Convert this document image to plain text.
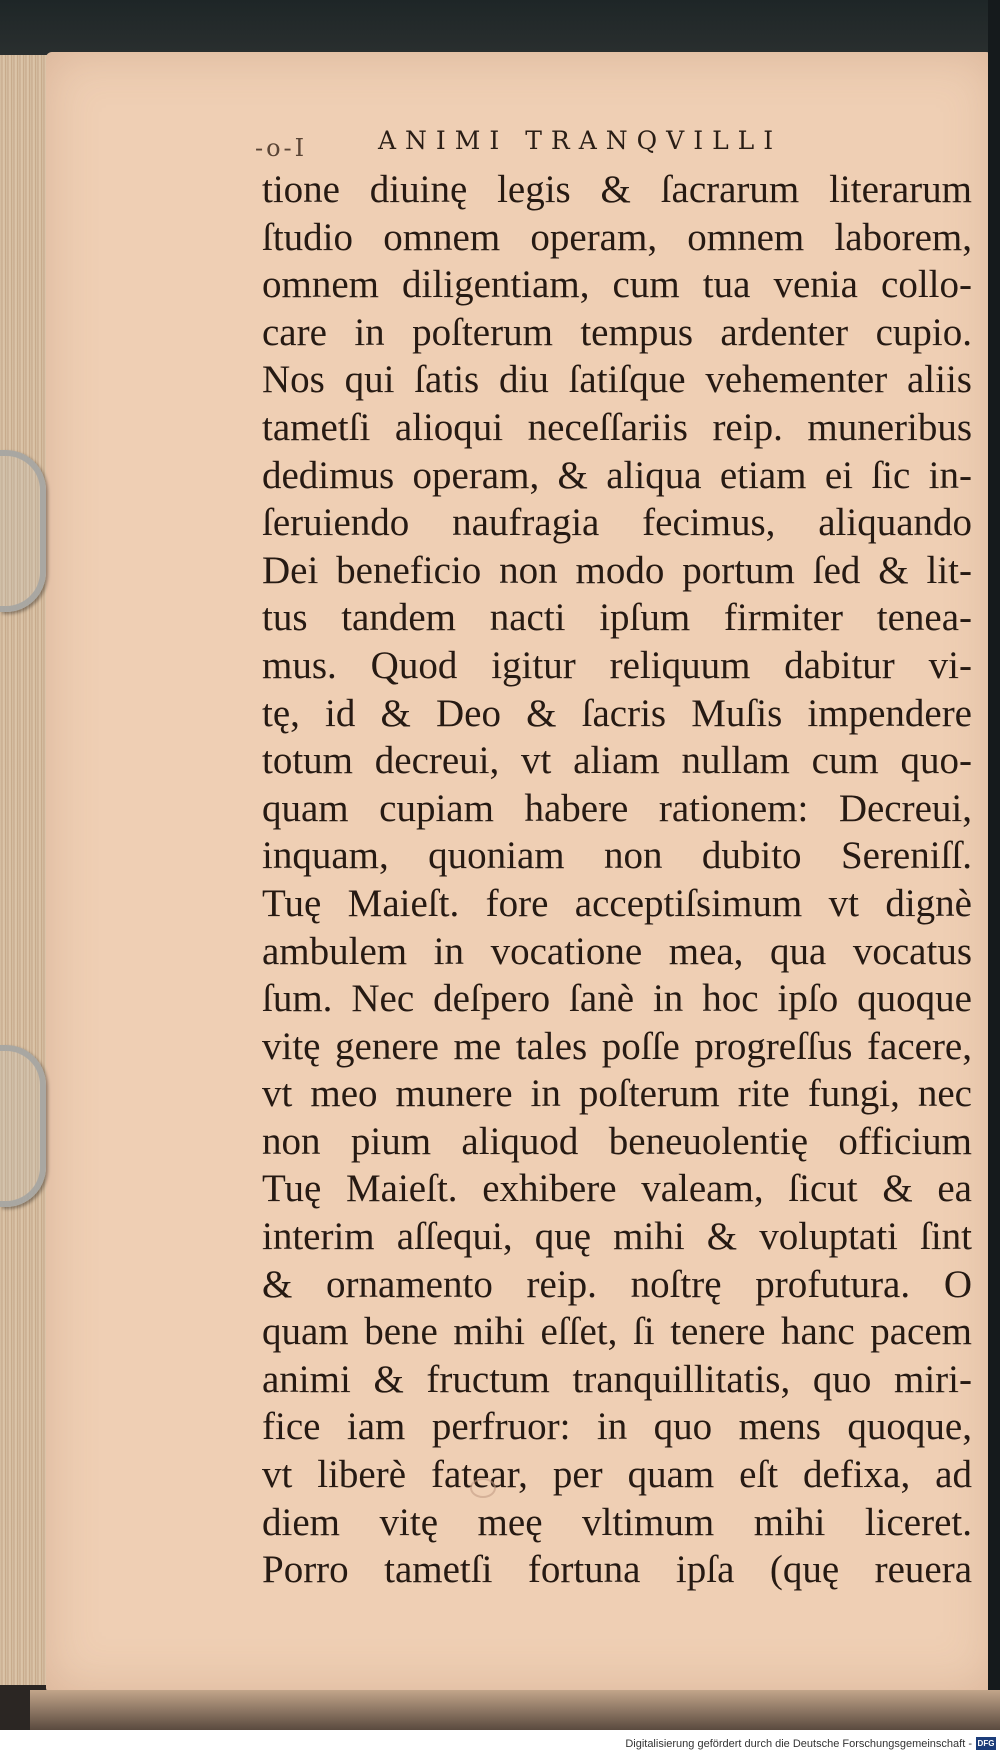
-o-I	ANIMI TRANQVILLI
tione diuinę legis & ſacrarum literarum
ſtudio omnem operam, omnem laborem,
omnem diligentiam, cum tua venia collo-
care in poſterum tempus ardenter cupio.
Nos qui ſatis diu ſatiſque vehementer aliis
tametſi alioqui neceſſariis reip. muneribus
dedimus operam, & aliqua etiam ei ſic in-
ſeruiendo naufragia fecimus, aliquando
Dei beneficio non modo portum ſed & lit-
tus tandem nacti ipſum firmiter tenea-
mus. Quod igitur reliquum dabitur vi-
tę, id & Deo & ſacris Muſis impendere
totum decreui, vt aliam nullam cum quo-
quam cupiam habere rationem: Decreui,
inquam, quoniam non dubito Sereniſſ.
Tuę Maieſt. fore acceptiſsimum vt dignè
ambulem in vocatione mea, qua vocatus
ſum. Nec deſpero ſanè in hoc ipſo quoque
vitę genere me tales poſſe progreſſus facere,
vt meo munere in poſterum rite fungi, nec
non pium aliquod beneuolentię officium
Tuę Maieſt. exhibere valeam, ſicut & ea
interim aſſequi, quę mihi & voluptati ſint
& ornamento reip. noſtrę profutura. O
quam bene mihi eſſet, ſi tenere hanc pacem
animi & fructum tranquillitatis, quo miri-
fice iam perfruor: in quo mens quoque,
vt liberè fatear, per quam eſt defixa, ad
diem vitę meę vltimum mihi liceret.
Porro tametſi fortuna ipſa (quę reuera
Digitalisierung gefördert durch die Deutsche Forschungsgemeinschaft - DFG
